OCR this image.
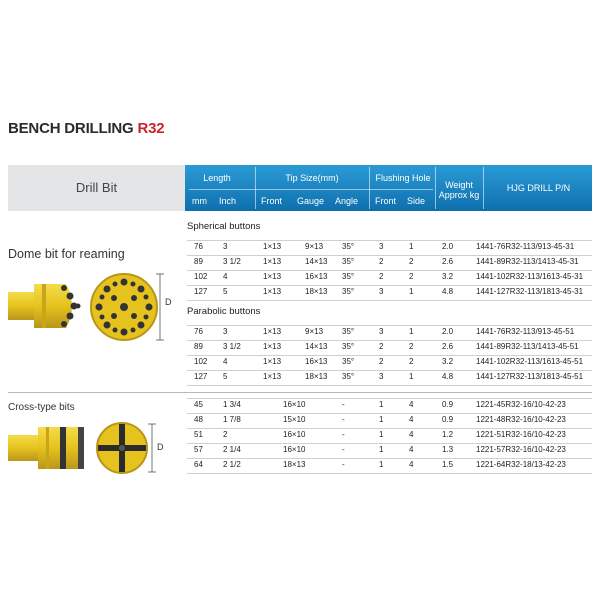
BENCH DRILLING R32
Drill Bit
Length
mm Inch
Tip Size(mm)
Front Gauge Angle
Flushing Hole
Front Side
Weight
Approx kg
HJG DRILL P/N
Dome bit for reaming
Spherical buttons
76	3	1×13	9×13 35°	3	1	2.0	1441-76R32-113/913-45-31
89	3 1/2	1×13	14×13 35°	2	2	2.6	1441-89R32-113/1413-45-31
102 4	1×13	16×13 35°	2	2	3.2	1441-102R32-113/1613-45-31
127 5	1×13	18×13 35°	3	1	4.8	1441-127R32-113/1813-45-31
Parabolic buttons
76	3	1×13	9×13 35°	3	1	2.0	1441-76R32-113/913-45-51
89	3 1/2	1×13	14×13 35°	2	2	2.6	1441-89R32-113/1413-45-51
102 4	1×13	16×13 35°	2	2	3.2	1441-102R32-113/1613-45-51
127 5	1×13	18×13 35°	3	1	4.8	1441-127R32-113/1813-45-51
D
Cross-type bits	45	1 3/4	16×10	-	1	4	0.9	1221-45R32-16/10-42-23
48	1 7/8	15×10	-	1	4	0.9	1221-48R32-16/10-42-23
51	2	16×10	-	1	4	1.2	1221-51R32-16/10-42-23
57	2 1/4	16×10	-	1	4	1.3	1221-57R32-16/10-42-23
64	2 1/2	18×13	-	1	4	1.5	1221-64R32-18/13-42-23
D
